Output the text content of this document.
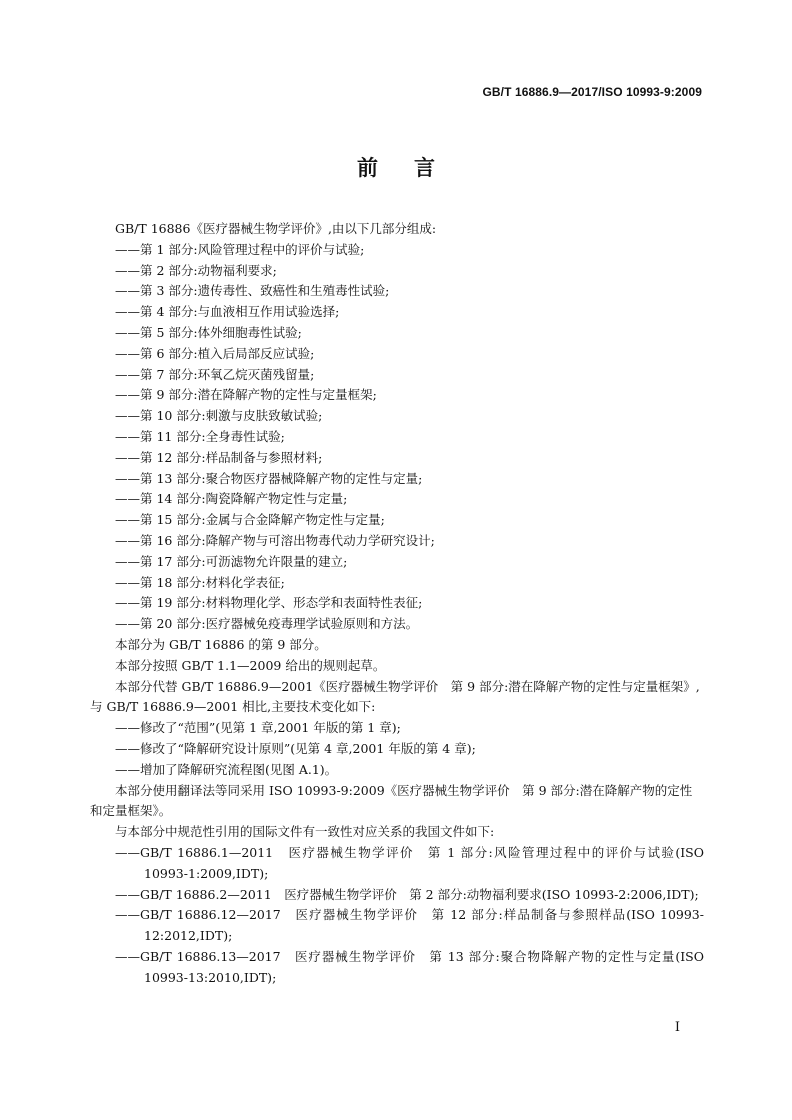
GB/T 16886.9—2017/ISO 10993-9:2009
前言

GB/T 16886《医疗器械生物学评价》,由以下几部分组成:

——第 1 部分:风险管理过程中的评价与试验;

——第 2 部分:动物福利要求;

——第 3 部分:遗传毒性、致癌性和生殖毒性试验;

——第 4 部分:与血液相互作用试验选择;

——第 5 部分:体外细胞毒性试验;

——第 6 部分:植入后局部反应试验;

——第 7 部分:环氧乙烷灭菌残留量;

——第 9 部分:潜在降解产物的定性与定量框架;

——第 10 部分:刺激与皮肤致敏试验;

——第 11 部分:全身毒性试验;

——第 12 部分:样品制备与参照材料;

——第 13 部分:聚合物医疗器械降解产物的定性与定量;

——第 14 部分:陶瓷降解产物定性与定量;

——第 15 部分:金属与合金降解产物定性与定量;

——第 16 部分:降解产物与可溶出物毒代动力学研究设计;

——第 17 部分:可沥滤物允许限量的建立;

——第 18 部分:材料化学表征;

——第 19 部分:材料物理化学、形态学和表面特性表征;

——第 20 部分:医疗器械免疫毒理学试验原则和方法。

本部分为 GB/T 16886 的第 9 部分。

本部分按照 GB/T 1.1—2009 给出的规则起草。

本部分代替 GB/T 16886.9—2001《医疗器械生物学评价　第 9 部分:潜在降解产物的定性与定量框架》,与 GB/T 16886.9—2001 相比,主要技术变化如下:

——修改了“范围”(见第 1 章,2001 年版的第 1 章);

——修改了“降解研究设计原则”(见第 4 章,2001 年版的第 4 章);

——增加了降解研究流程图(见图 A.1)。

本部分使用翻译法等同采用 ISO 10993-9:2009《医疗器械生物学评价　第 9 部分:潜在降解产物的定性和定量框架》。

与本部分中规范性引用的国际文件有一致性对应关系的我国文件如下:

——GB/T 16886.1—2011　医疗器械生物学评价　第 1 部分:风险管理过程中的评价与试验(ISO 10993-1:2009,IDT);

——GB/T 16886.2—2011　医疗器械生物学评价　第 2 部分:动物福利要求(ISO 10993-2:2006,IDT);

——GB/T 16886.12—2017　医疗器械生物学评价　第 12 部分:样品制备与参照样品(ISO 10993-12:2012,IDT);

——GB/T 16886.13—2017　医疗器械生物学评价　第 13 部分:聚合物降解产物的定性与定量(ISO 10993-13:2010,IDT);

I
